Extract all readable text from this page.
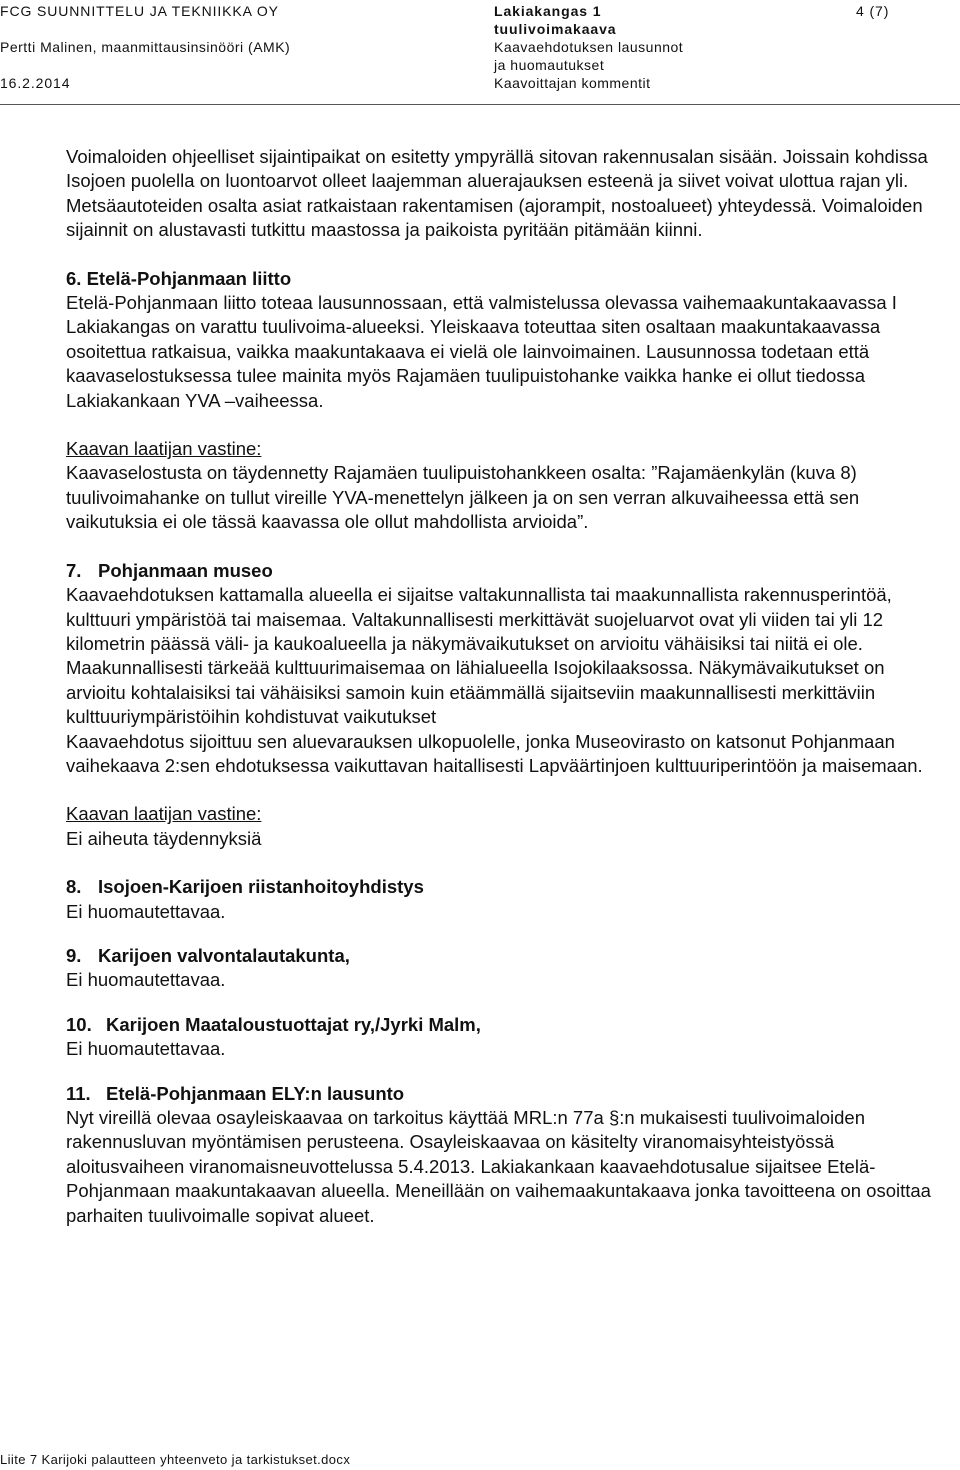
FCG SUUNNITTELU JA TEKNIIKKA OY
Pertti Malinen, maanmittausinsinööri (AMK)
16.2.2014
Lakiakangas 1
tuulivoimakaava
Kaavaehdotuksen lausunnot
ja huomautukset
Kaavoittajan kommentit
4 (7)

Voimaloiden ohjeelliset sijaintipaikat on esitetty ympyrällä sitovan rakennusalan sisään. Joissain kohdissa Isojoen puolella on luontoarvot olleet laajemman aluerajauksen esteenä ja siivet voivat ulottua rajan yli. Metsäautoteiden osalta asiat ratkaistaan rakentamisen (ajorampit, nostoalueet) yhteydessä. Voimaloiden sijainnit on alustavasti tutkittu maastossa ja paikoista pyritään pitämään kiinni.

6. Etelä-Pohjanmaan liitto

Etelä-Pohjanmaan liitto toteaa lausunnossaan, että valmistelussa olevassa vaihemaakuntakaavassa I Lakiakangas on varattu tuulivoima-alueeksi. Yleiskaava toteuttaa siten osaltaan maakuntakaavassa osoitettua ratkaisua, vaikka maakuntakaava ei vielä ole lainvoimainen. Lausunnossa todetaan että kaavaselostuksessa tulee mainita myös Rajamäen tuulipuistohanke vaikka hanke ei ollut tiedossa Lakiakankaan YVA –vaiheessa.

Kaavan laatijan vastine:

Kaavaselostusta on täydennetty Rajamäen tuulipuistohankkeen osalta: ”Rajamäenkylän (kuva 8) tuulivoimahanke on tullut vireille YVA-menettelyn jälkeen ja on sen verran alkuvaiheessa että sen vaikutuksia ei ole tässä kaavassa ole ollut mahdollista arvioida”.

7. Pohjanmaan museo

Kaavaehdotuksen kattamalla alueella ei sijaitse valtakunnallista tai maakunnallista rakennusperintöä, kulttuuri ympäristöä tai maisemaa. Valtakunnallisesti merkittävät suojeluarvot ovat yli viiden tai yli 12 kilometrin päässä väli- ja kaukoalueella ja näkymävaikutukset on arvioitu vähäisiksi tai niitä ei ole. Maakunnallisesti tärkeää kulttuurimaisemaa on lähialueella Isojokilaaksossa. Näkymävaikutukset on arvioitu kohtalaisiksi tai vähäisiksi samoin kuin etäämmällä sijaitseviin maakunnallisesti merkittäviin kulttuuriympäristöihin kohdistuvat vaikutukset

Kaavaehdotus sijoittuu sen aluevarauksen ulkopuolelle, jonka Museovirasto on katsonut Pohjanmaan vaihekaava 2:sen ehdotuksessa vaikuttavan haitallisesti Lapväärtinjoen kulttuuriperintöön ja maisemaan.

Kaavan laatijan vastine:

Ei aiheuta täydennyksiä

8. Isojoen-Karijoen riistanhoitoyhdistys

Ei huomautettavaa.

9. Karijoen valvontalautakunta,

Ei huomautettavaa.

10. Karijoen Maataloustuottajat ry,/Jyrki Malm,

Ei huomautettavaa.

11. Etelä-Pohjanmaan ELY:n lausunto

Nyt vireillä olevaa osayleiskaavaa on tarkoitus käyttää MRL:n 77a §:n mukaisesti tuulivoimaloiden rakennusluvan myöntämisen perusteena. Osayleiskaavaa on käsitelty viranomaisyhteistyössä aloitusvaiheen viranomaisneuvottelussa 5.4.2013. Lakiakankaan kaavaehdotusalue sijaitsee Etelä-Pohjanmaan maakuntakaavan alueella. Meneillään on vaihemaakuntakaava jonka tavoitteena on osoittaa parhaiten tuulivoimalle sopivat alueet.

Liite 7 Karijoki palautteen yhteenveto ja tarkistukset.docx
